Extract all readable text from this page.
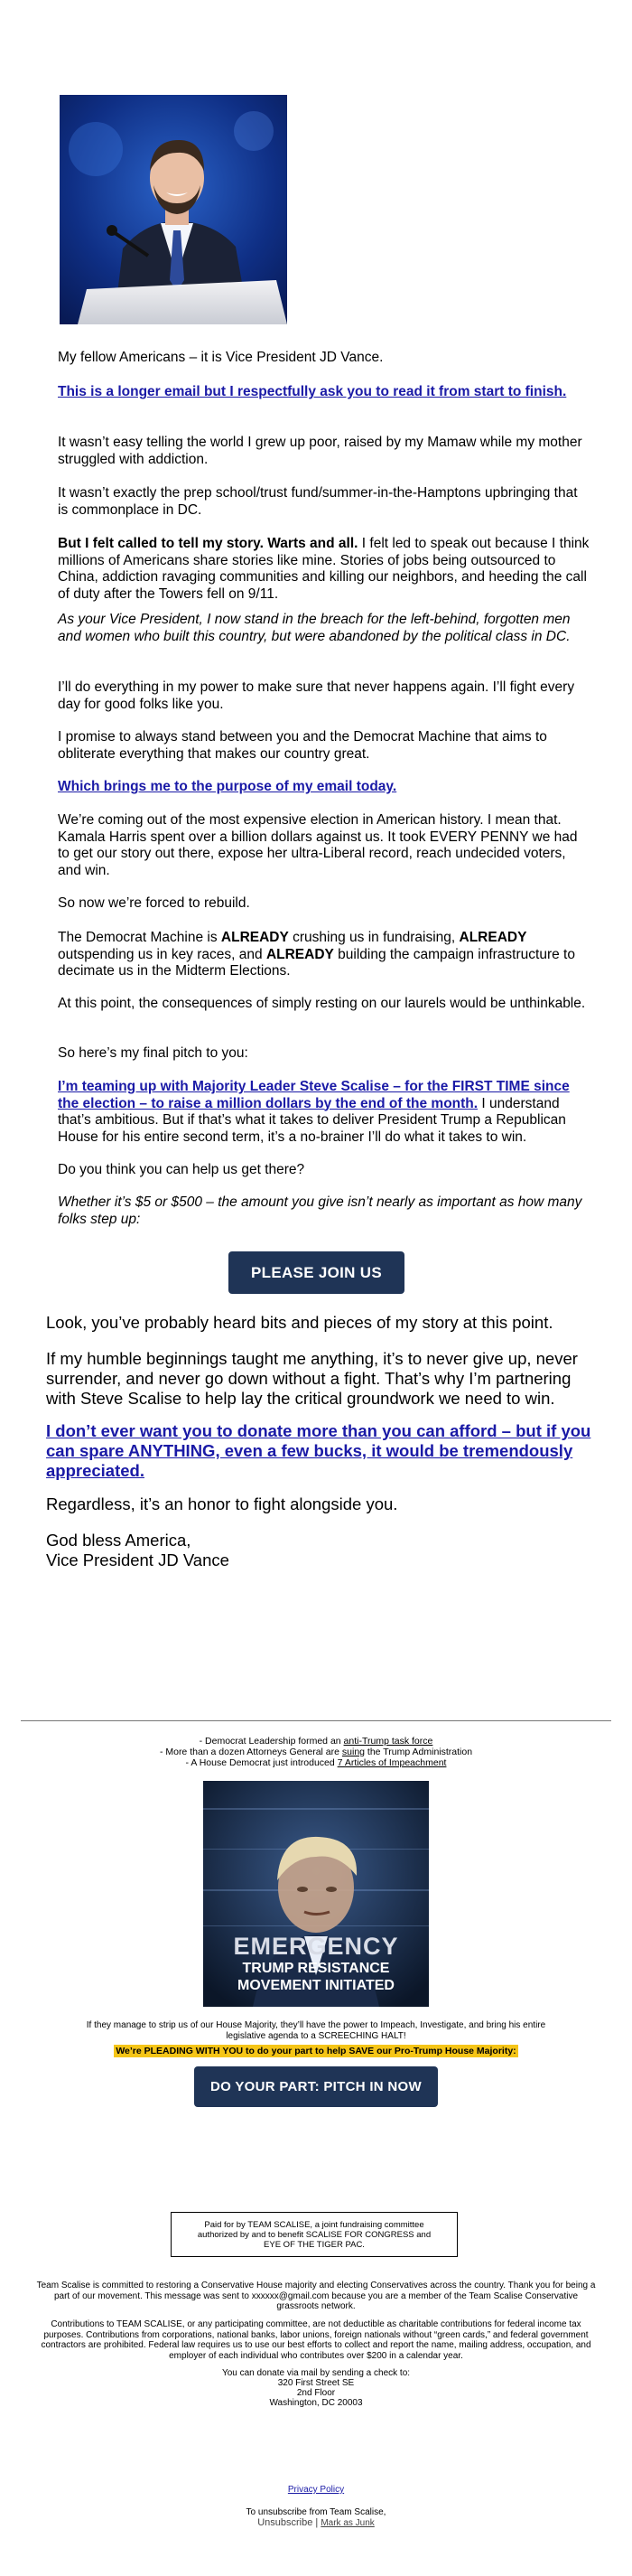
My fellow Americans – it is Vice President JD Vance.

This is a longer email but I respectfully ask you to read it from start to finish.

It wasn’t easy telling the world I grew up poor, raised by my Mamaw while my mother struggled with addiction.

It wasn’t exactly the prep school/trust fund/summer-in-the-Hamptons upbringing that is commonplace in DC.

But I felt called to tell my story. Warts and all. I felt led to speak out because I think millions of Americans share stories like mine. Stories of jobs being outsourced to China, addiction ravaging communities and killing our neighbors, and heeding the call of duty after the Towers fell on 9/11.

As your Vice President, I now stand in the breach for the left-behind, forgotten men and women who built this country, but were abandoned by the political class in DC.

I’ll do everything in my power to make sure that never happens again. I’ll fight every day for good folks like you.

I promise to always stand between you and the Democrat Machine that aims to obliterate everything that makes our country great.

Which brings me to the purpose of my email today.

We’re coming out of the most expensive election in American history. I mean that. Kamala Harris spent over a billion dollars against us. It took EVERY PENNY we had to get our story out there, expose her ultra-Liberal record, reach undecided voters, and win.

So now we’re forced to rebuild.

The Democrat Machine is ALREADY crushing us in fundraising, ALREADY outspending us in key races, and ALREADY building the campaign infrastructure to decimate us in the Midterm Elections.

At this point, the consequences of simply resting on our laurels would be unthinkable.

So here’s my final pitch to you:

I’m teaming up with Majority Leader Steve Scalise – for the FIRST TIME since the election – to raise a million dollars by the end of the month. I understand that’s ambitious. But if that’s what it takes to deliver President Trump a Republican House for his entire second term, it’s a no-brainer I’ll do what it takes to win.

Do you think you can help us get there?

Whether it’s $5 or $500 – the amount you give isn’t nearly as important as how many folks step up:

PLEASE JOIN US

Look, you’ve probably heard bits and pieces of my story at this point.

If my humble beginnings taught me anything, it’s to never give up, never surrender, and never go down without a fight. That’s why I’m partnering with Steve Scalise to help lay the critical groundwork we need to win.

I don’t ever want you to donate more than you can afford – but if you can spare ANYTHING, even a few bucks, it would be tremendously appreciated.

Regardless, it’s an honor to fight alongside you.

God bless America,

Vice President JD Vance

- Democrat Leadership formed an anti-Trump task force
- More than a dozen Attorneys General are suing the Trump Administration
- A House Democrat just introduced 7 Articles of Impeachment
EMERGENCY
TRUMP RESISTANCE
MOVEMENT INITIATED

If they manage to strip us of our House Majority, they’ll have the power to Impeach, Investigate, and bring his entire legislative agenda to a SCREECHING HALT!

We’re PLEADING WITH YOU to do your part to help SAVE our Pro-Trump House Majority:
DO YOUR PART: PITCH IN NOW
Paid for by TEAM SCALISE, a joint fundraising committee authorized by and to benefit SCALISE FOR CONGRESS and EYE OF THE TIGER PAC.

Team Scalise is committed to restoring a Conservative House majority and electing Conservatives across the country. Thank you for being a part of our movement. This message was sent to xxxxxx@gmail.com because you are a member of the Team Scalise Conservative grassroots network.

Contributions to TEAM SCALISE, or any participating committee, are not deductible as charitable contributions for federal income tax purposes. Contributions from corporations, national banks, labor unions, foreign nationals without “green cards,” and federal government contractors are prohibited. Federal law requires us to use our best efforts to collect and report the name, mailing address, occupation, and employer of each individual who contributes over $200 in a calendar year.

You can donate via mail by sending a check to:

320 First Street SE

2nd Floor

Washington, DC 20003

Privacy Policy

To unsubscribe from Team Scalise,

Unsubscribe | Mark as Junk
